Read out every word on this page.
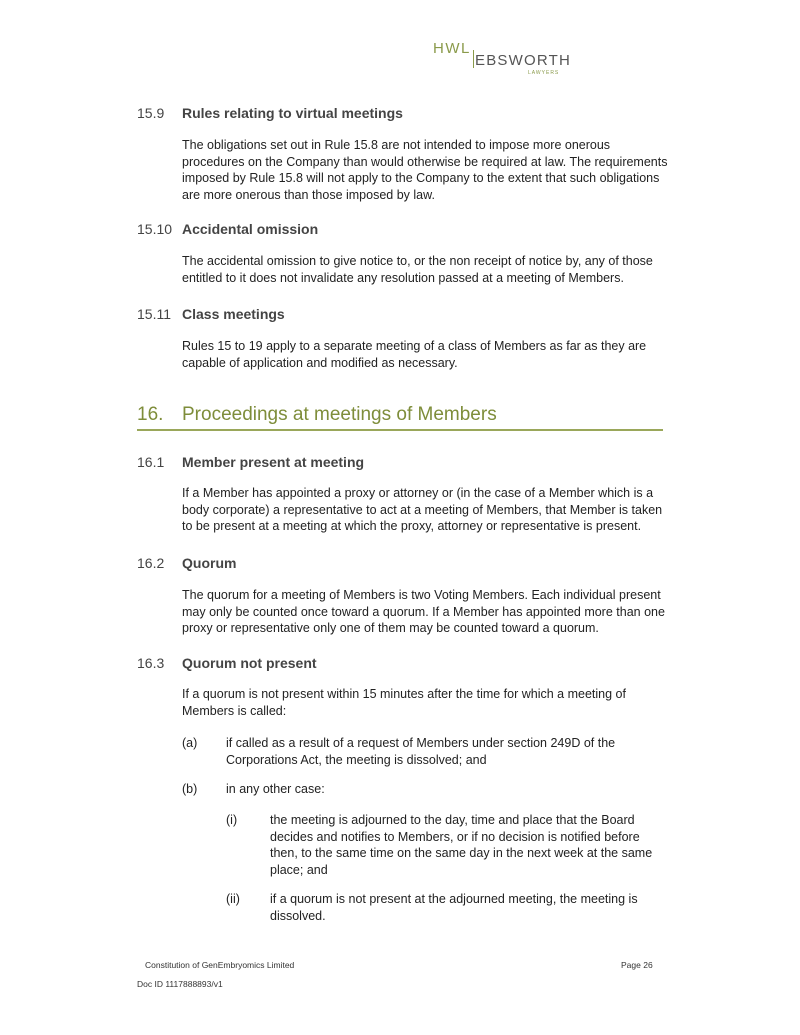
HWL
EBSWORTH
LAWYERS
15.9 Rules relating to virtual meetings
The obligations set out in Rule 15.8 are not intended to impose more onerous
procedures on the Company than would otherwise be required at law. The requirements
imposed by Rule 15.8 will not apply to the Company to the extent that such obligations
are more onerous than those imposed by law.
15.10 Accidental omission
The accidental omission to give notice to, or the non receipt of notice by, any of those
entitled to it does not invalidate any resolution passed at a meeting of Members.
15.11 Class meetings
Rules 15 to 19 apply to a separate meeting of a class of Members as far as they are
capable of application and modified as necessary.
16. Proceedings at meetings of Members
16.1 Member present at meeting
If a Member has appointed a proxy or attorney or (in the case of a Member which is a
body corporate) a representative to act at a meeting of Members, that Member is taken
to be present at a meeting at which the proxy, attorney or representative is present.
16.2 Quorum
The quorum for a meeting of Members is two Voting Members. Each individual present
may only be counted once toward a quorum. If a Member has appointed more than one
proxy or representative only one of them may be counted toward a quorum.
16.3 Quorum not present
If a quorum is not present within 15 minutes after the time for which a meeting of
Members is called:
(a) if called as a result of a request of Members under section 249D of the
Corporations Act, the meeting is dissolved; and
(b) in any other case:
(i)	the meeting is adjourned to the day, time and place that the Board
decides and notifies to Members, or if no decision is notified before
then, to the same time on the same day in the next week at the same
place; and
(ii) if a quorum is not present at the adjourned meeting, the meeting is
dissolved.
Constitution of GenEmbryomics Limited	Page 26
Doc ID 1117888893/v1
